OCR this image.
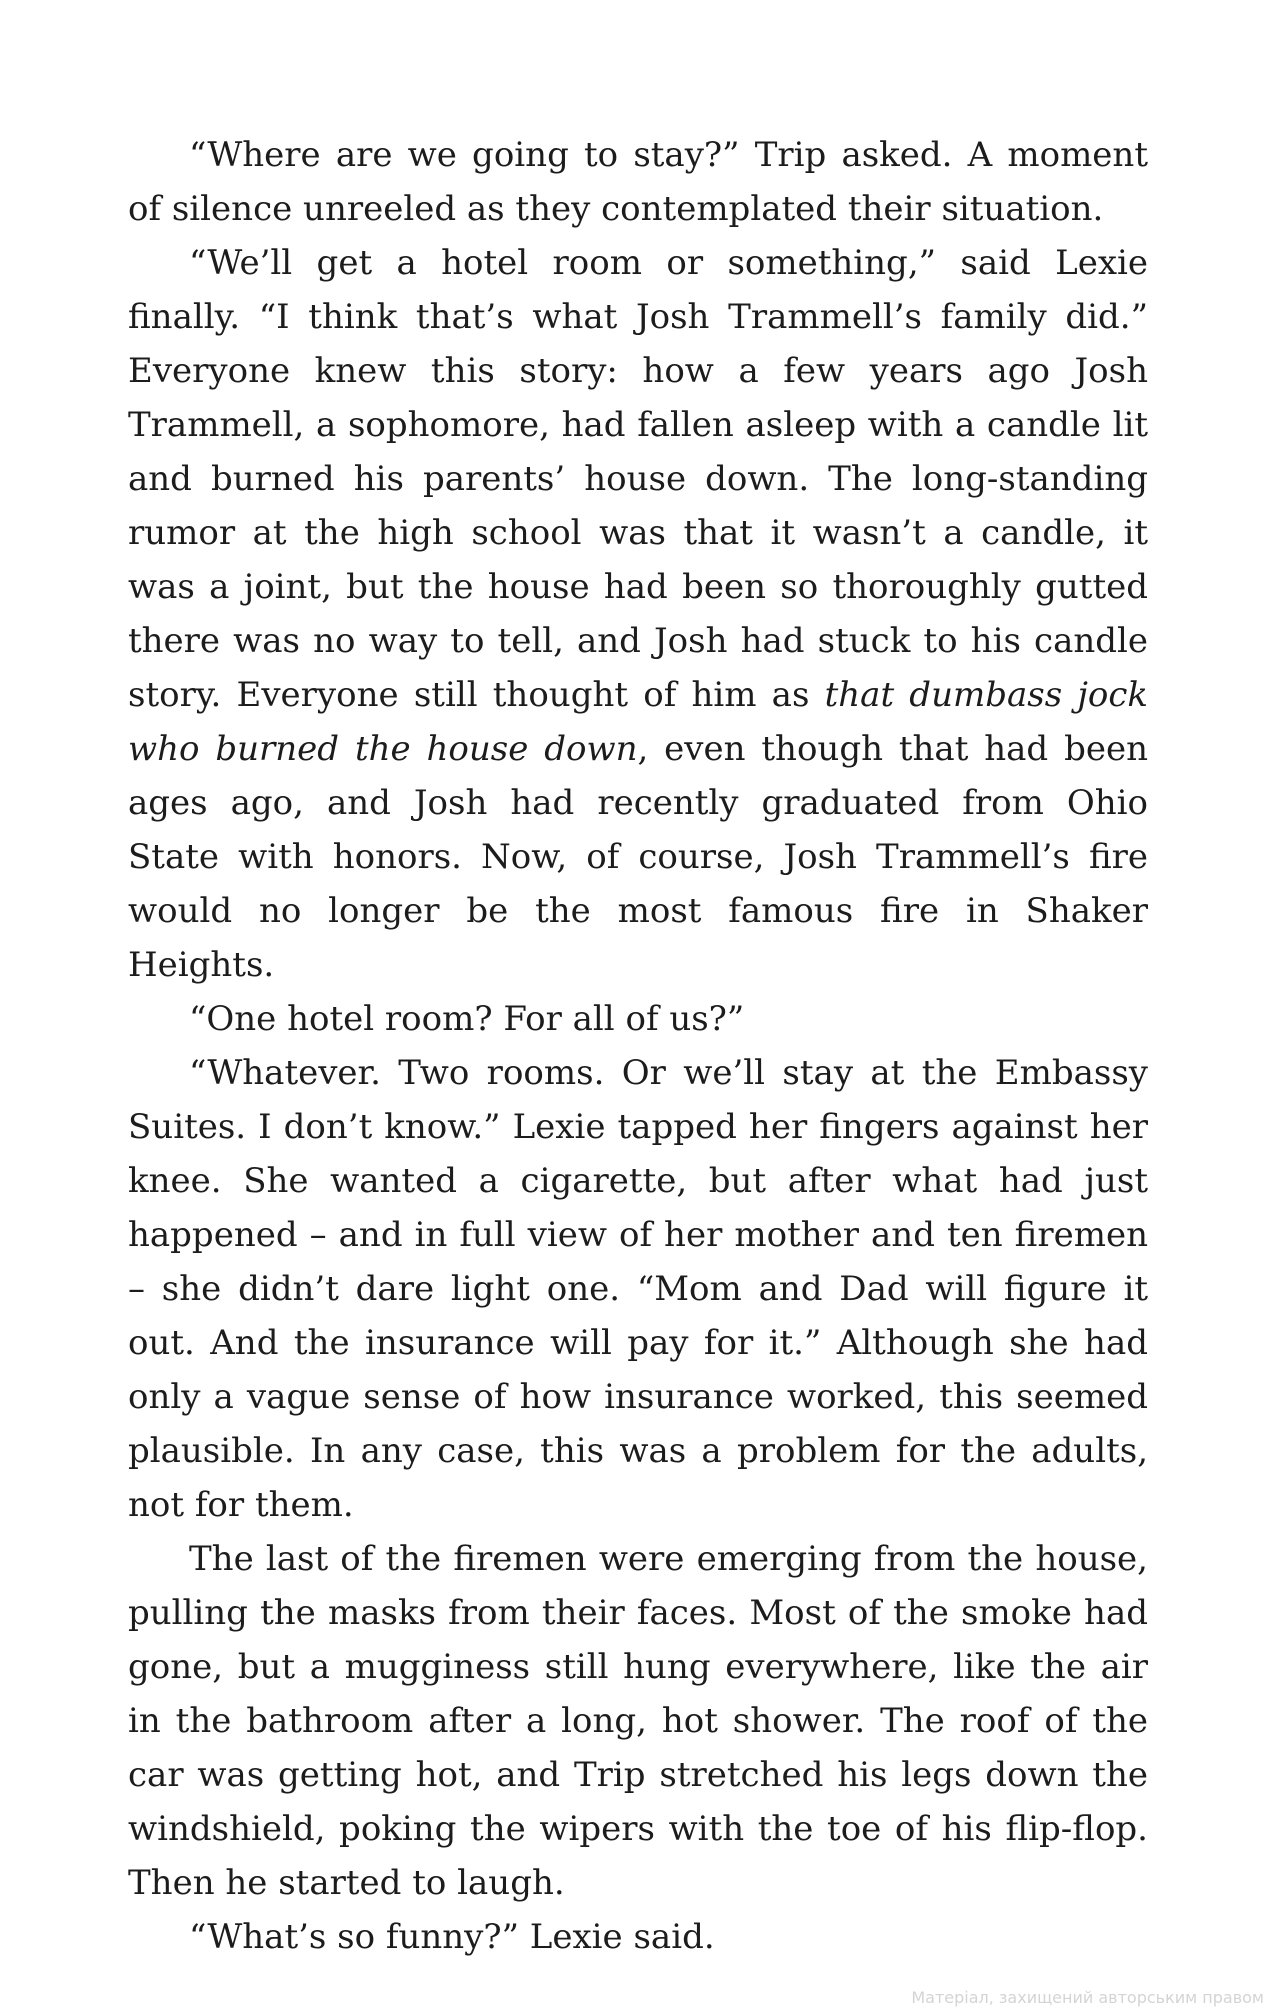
“Where are we going to stay?” Trip asked. A moment of silence unreeled as they contemplated their situation.

“We’ll get a hotel room or something,” said Lexie finally. “I think that’s what Josh Trammell’s family did.” Everyone knew this story: how a few years ago Josh Trammell, a sophomore, had fallen asleep with a candle lit and burned his parents’ house down. The long-standing rumor at the high school was that it wasn’t a candle, it was a joint, but the house had been so thoroughly gutted there was no way to tell, and Josh had stuck to his candle story. Everyone still thought of him as that dumbass jock who burned the house down, even though that had been ages ago, and Josh had recently graduated from Ohio State with honors. Now, of course, Josh Trammell’s fire would no longer be the most famous fire in Shaker Heights.

“One hotel room? For all of us?”

“Whatever. Two rooms. Or we’ll stay at the Embassy Suites. I don’t know.” Lexie tapped her fingers against her knee. She wanted a cigarette, but after what had just happened – and in full view of her mother and ten firemen – she didn’t dare light one. “Mom and Dad will figure it out. And the insurance will pay for it.” Although she had only a vague sense of how insurance worked, this seemed plausible. In any case, this was a problem for the adults, not for them.

The last of the firemen were emerging from the house, pulling the masks from their faces. Most of the smoke had gone, but a mugginess still hung everywhere, like the air in the bathroom after a long, hot shower. The roof of the car was getting hot, and Trip stretched his legs down the windshield, poking the wipers with the toe of his flip-flop. Then he started to laugh.

“What’s so funny?” Lexie said.

Матеріал, захищений авторським правом
